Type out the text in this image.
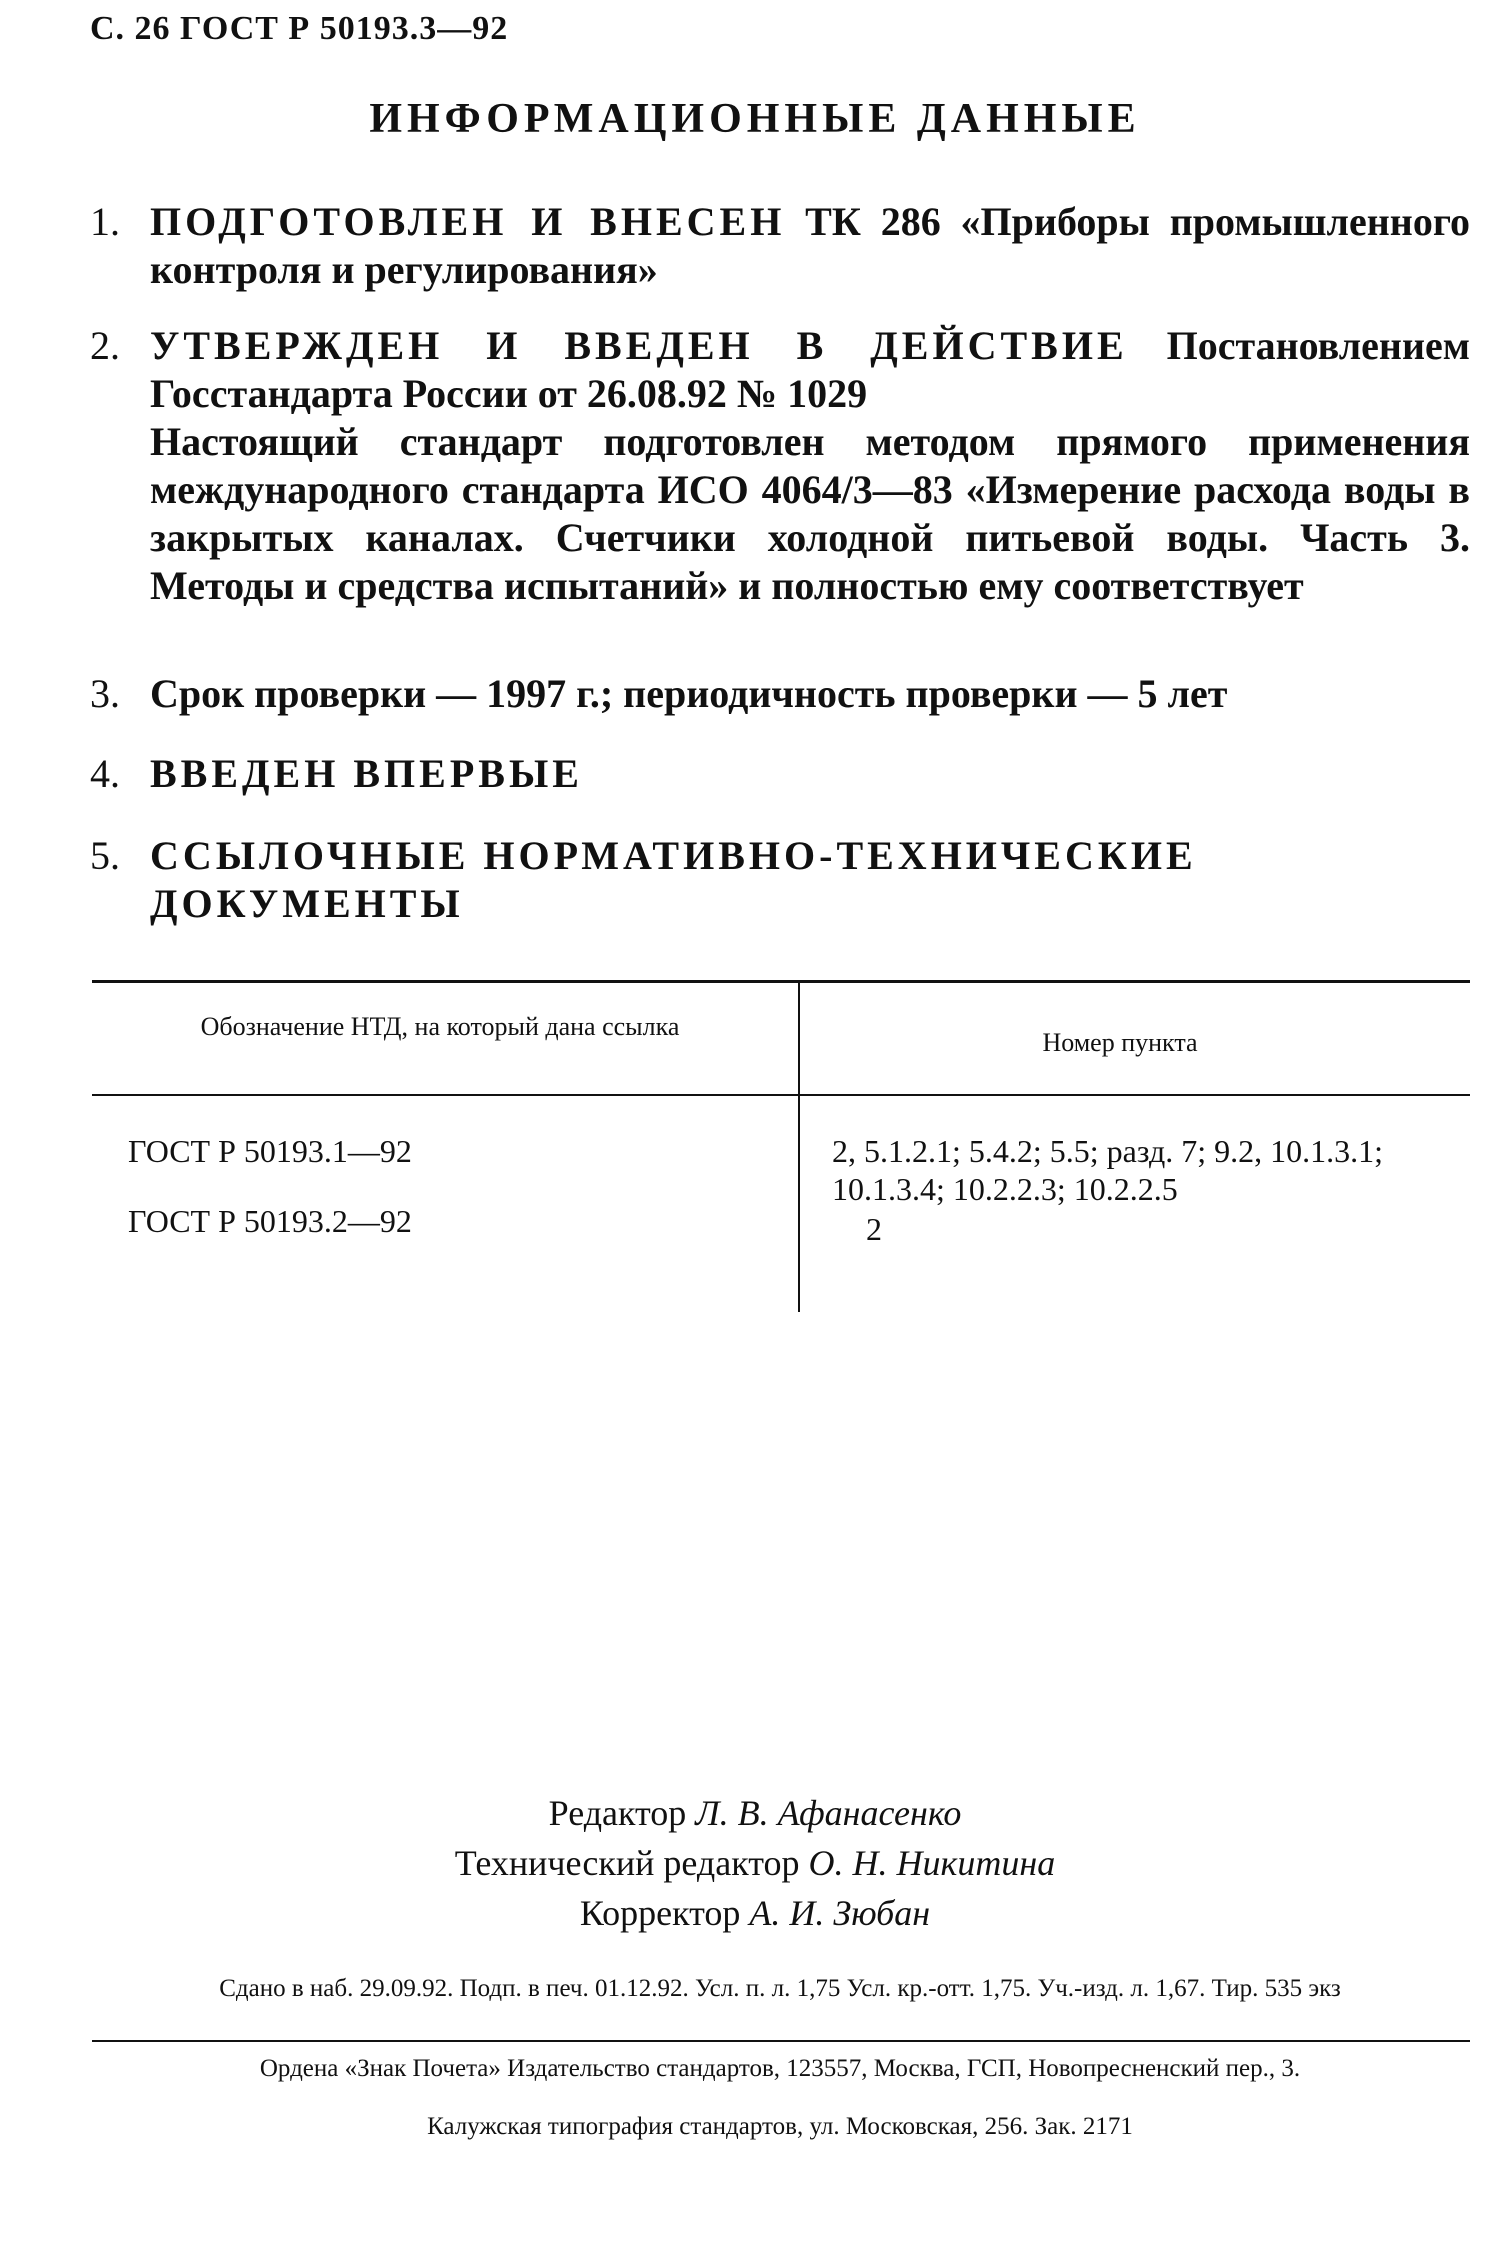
С. 26 ГОСТ Р 50193.3—92
ИНФОРМАЦИОННЫЕ ДАННЫЕ
1. ПОДГОТОВЛЕН И ВНЕСЕН ТК 286 «Приборы промышленного контроля и регулирования»
2. УТВЕРЖДЕН И ВВЕДЕН В ДЕЙСТВИЕ Постановлением Госстандарта России от 26.08.92 № 1029
Настоящий стандарт подготовлен методом прямого применения международного стандарта ИСО 4064/3—83 «Измерение расхода воды в закрытых каналах. Счетчики холодной питьевой воды. Часть 3. Методы и средства испытаний» и полностью ему соответствует
3. Срок проверки — 1997 г.; периодичность проверки — 5 лет
4. ВВЕДЕН ВПЕРВЫЕ
5. ССЫЛОЧНЫЕ НОРМАТИВНО-ТЕХНИЧЕСКИЕ ДОКУМЕНТЫ
Обозначение НТД, на который дана ссылка
Номер пункта
ГОСТ Р 50193.1—92	2, 5.1.2.1; 5.4.2; 5.5; разд. 7; 9.2, 10.1.3.1; 10.1.3.4; 10.2.2.3; 10.2.2.5
ГОСТ Р 50193.2—92	2
Редактор Л. В. Афанасенко
Технический редактор О. Н. Никитина
Корректор А. И. Зюбан
Сдано в наб. 29.09.92. Подп. в печ. 01.12.92. Усл. п. л. 1,75 Усл. кр.-отт. 1,75. Уч.-изд. л. 1,67. Тир. 535 экз
Ордена «Знак Почета» Издательство стандартов, 123557, Москва, ГСП, Новопресненский пер., 3.
Калужская типография стандартов, ул. Московская, 256. Зак. 2171
